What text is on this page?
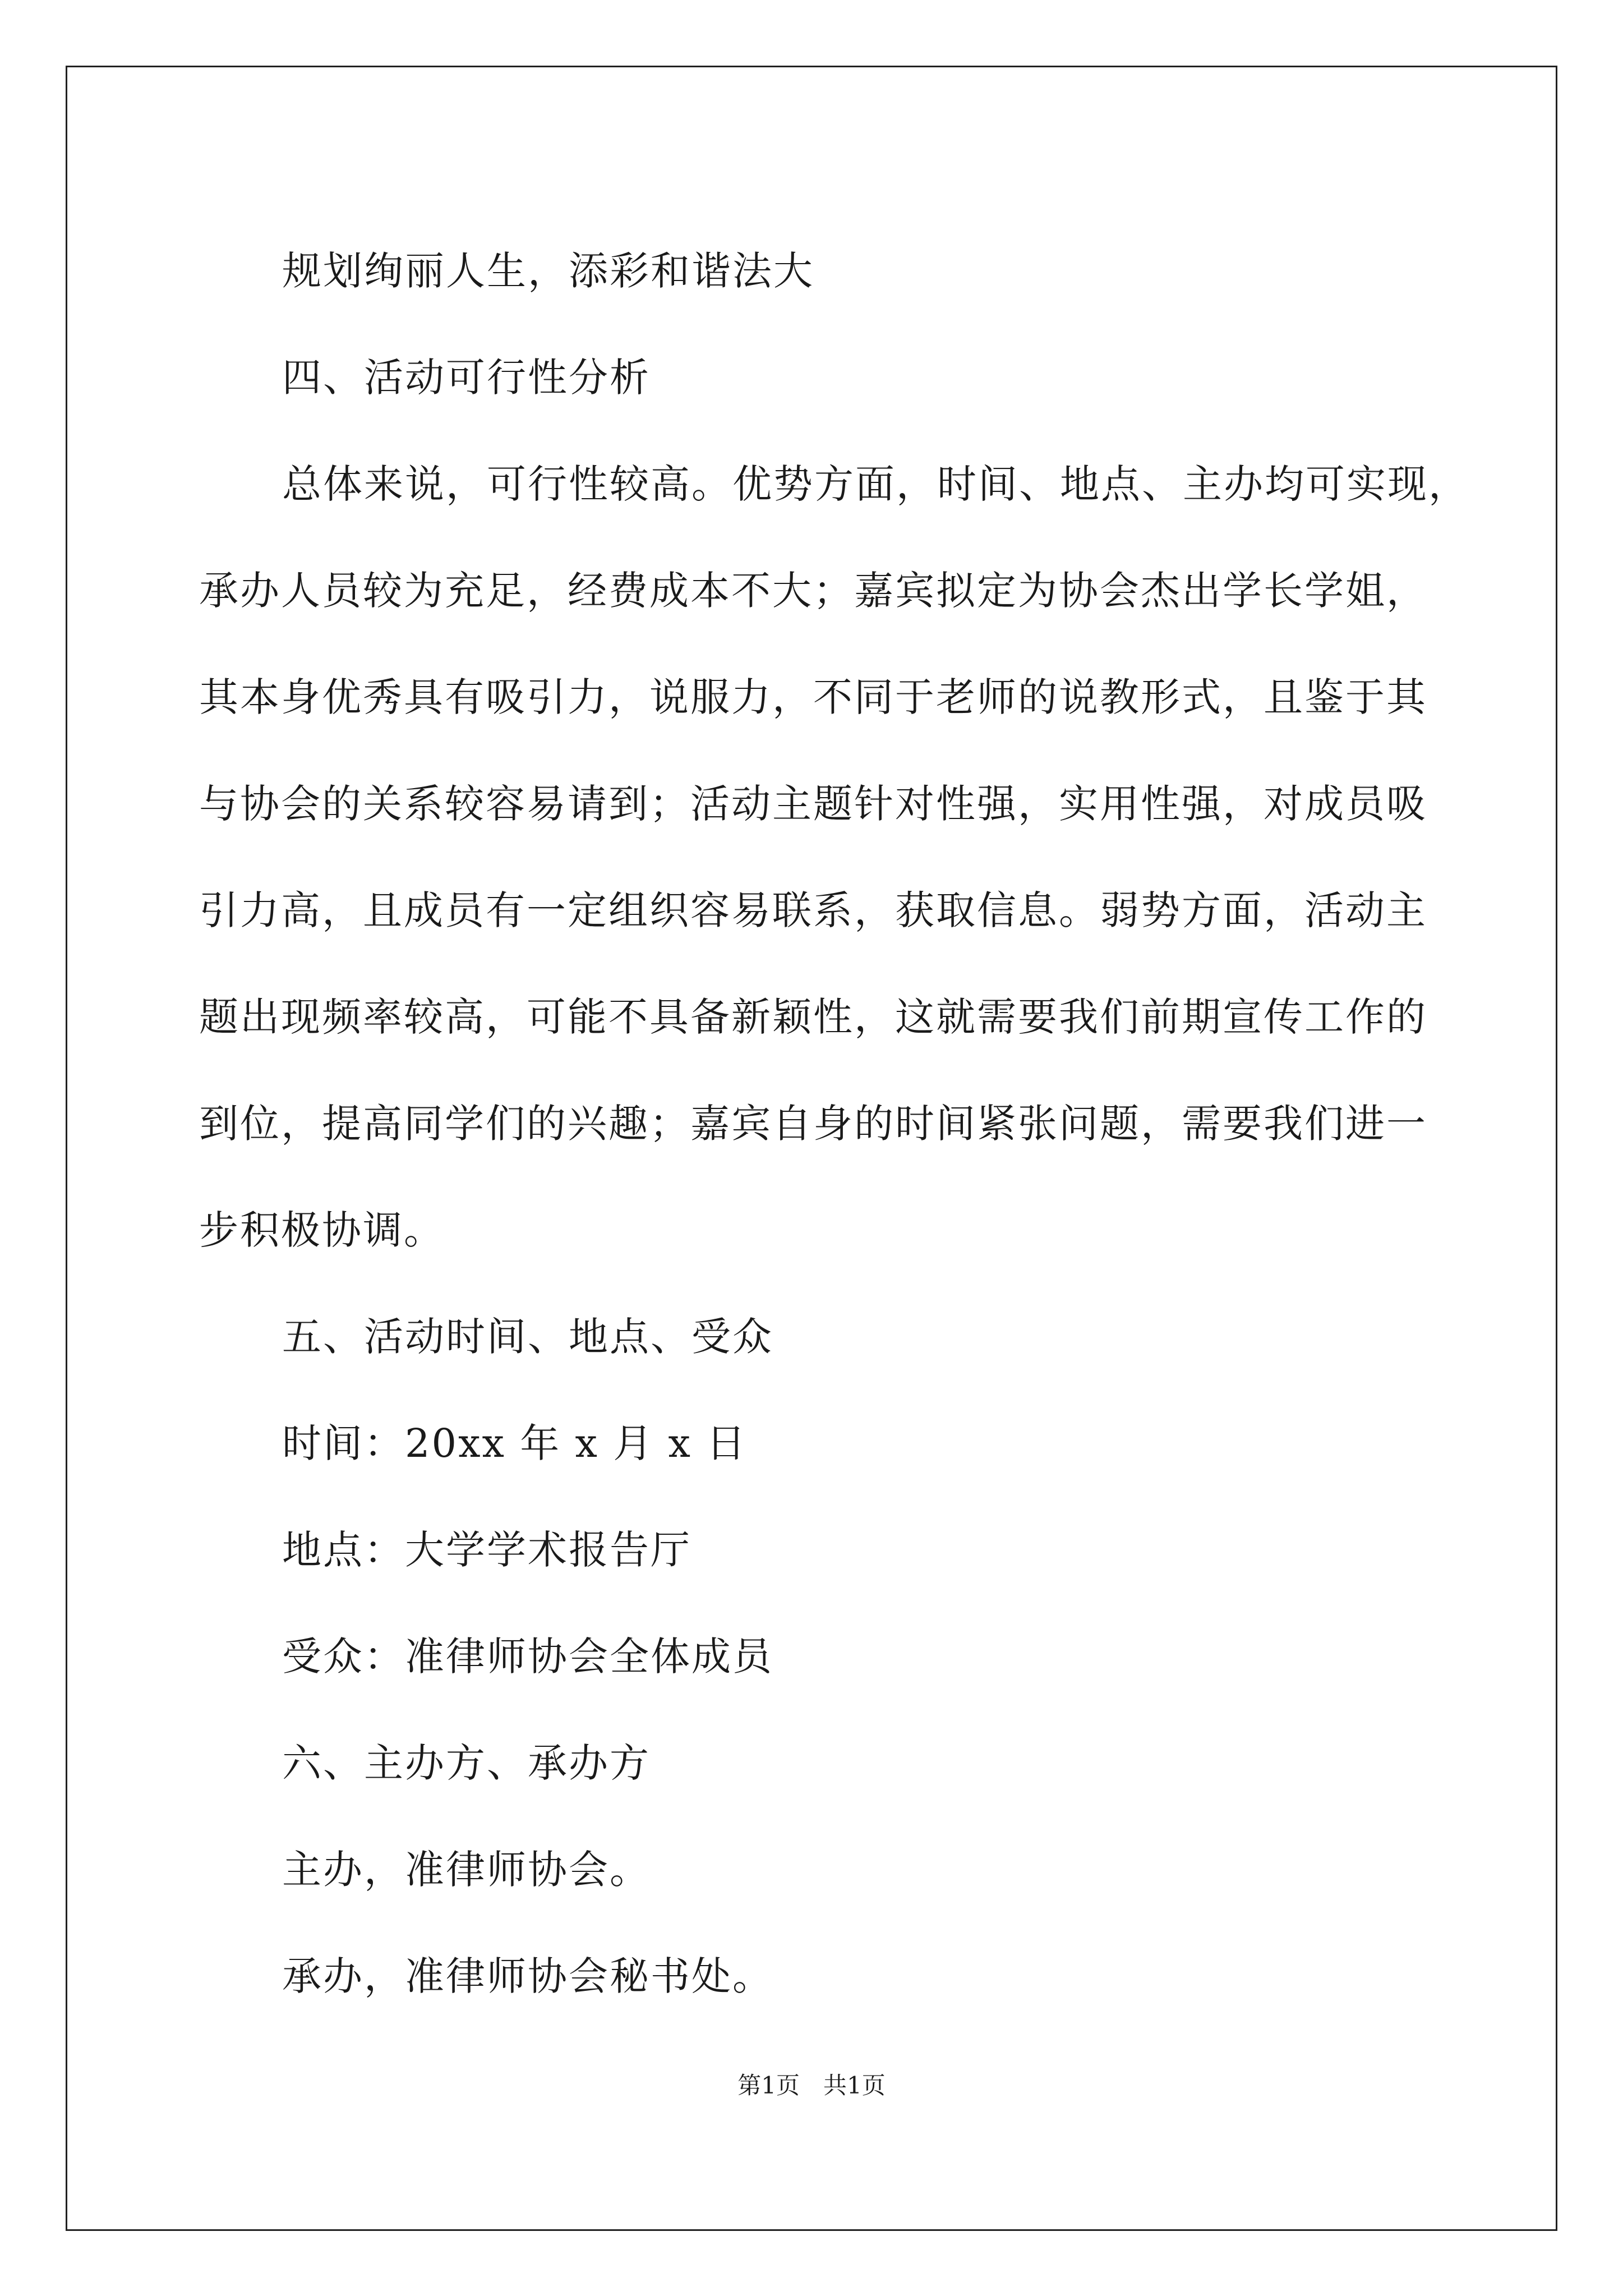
规划绚丽人生，添彩和谐法大
四、活动可行性分析
总体来说，可行性较高。优势方面，时间、地点、主办均可实现，
承办人员较为充足，经费成本不大；嘉宾拟定为协会杰出学长学姐，
其本身优秀具有吸引力，说服力，不同于老师的说教形式，且鉴于其
与协会的关系较容易请到；活动主题针对性强，实用性强，对成员吸
引力高，且成员有一定组织容易联系，获取信息。弱势方面，活动主
题出现频率较高，可能不具备新颖性，这就需要我们前期宣传工作的
到位，提高同学们的兴趣；嘉宾自身的时间紧张问题，需要我们进一
步积极协调。
五、活动时间、地点、受众
时间：20xx 年 x 月 x 日
地点：大学学术报告厅
受众：准律师协会全体成员
六、主办方、承办方
主办，准律师协会。
承办，准律师协会秘书处。
第1页　共1页
